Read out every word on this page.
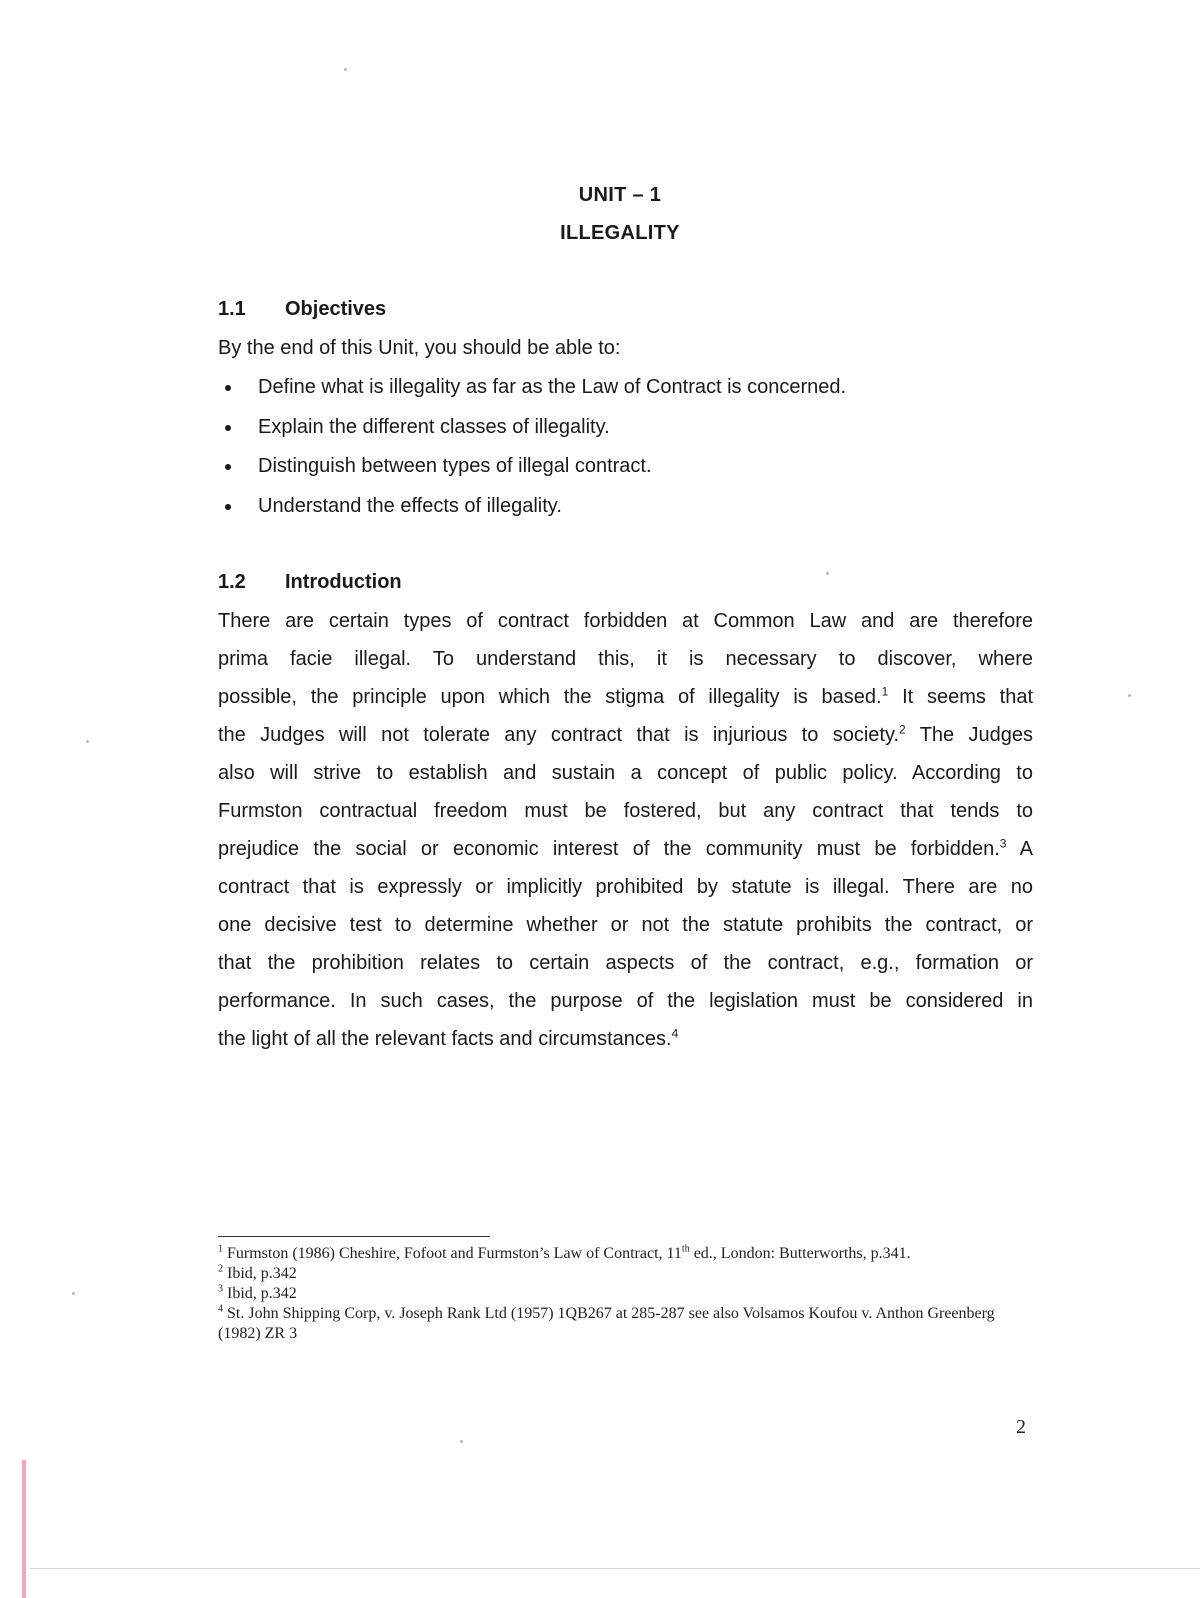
UNIT – 1
ILLEGALITY
1.1 Objectives
By the end of this Unit, you should be able to:
Define what is illegality as far as the Law of Contract is concerned.
Explain the different classes of illegality.
Distinguish between types of illegal contract.
Understand the effects of illegality.
1.2 Introduction

There are certain types of contract forbidden at Common Law and are therefore
prima facie illegal. To understand this, it is necessary to discover, where
possible, the principle upon which the stigma of illegality is based.$^1$ It seems that
the Judges will not tolerate any contract that is injurious to society.$^2$ The Judges
also will strive to establish and sustain a concept of public policy. According to
Furmston contractual freedom must be fostered, but any contract that tends to
prejudice the social or economic interest of the community must be forbidden.$^3$ A
contract that is expressly or implicitly prohibited by statute is illegal. There are no
one decisive test to determine whether or not the statute prohibits the contract, or
that the prohibition relates to certain aspects of the contract, e.g., formation or
performance. In such cases, the purpose of the legislation must be considered in
the light of all the relevant facts and circumstances.$^4$

$^1$ Furmston (1986) Cheshire, Fofoot and Furmston’s Law of Contract, 11th ed., London: Butterworths, p.341.

$^2$ Ibid, p.342

$^3$ Ibid, p.342

$^4$ St. John Shipping Corp, v. Joseph Rank Ltd (1957) 1QB267 at 285-287 see also Volsamos Koufou v. Anthon Greenberg (1982) ZR 3

2
